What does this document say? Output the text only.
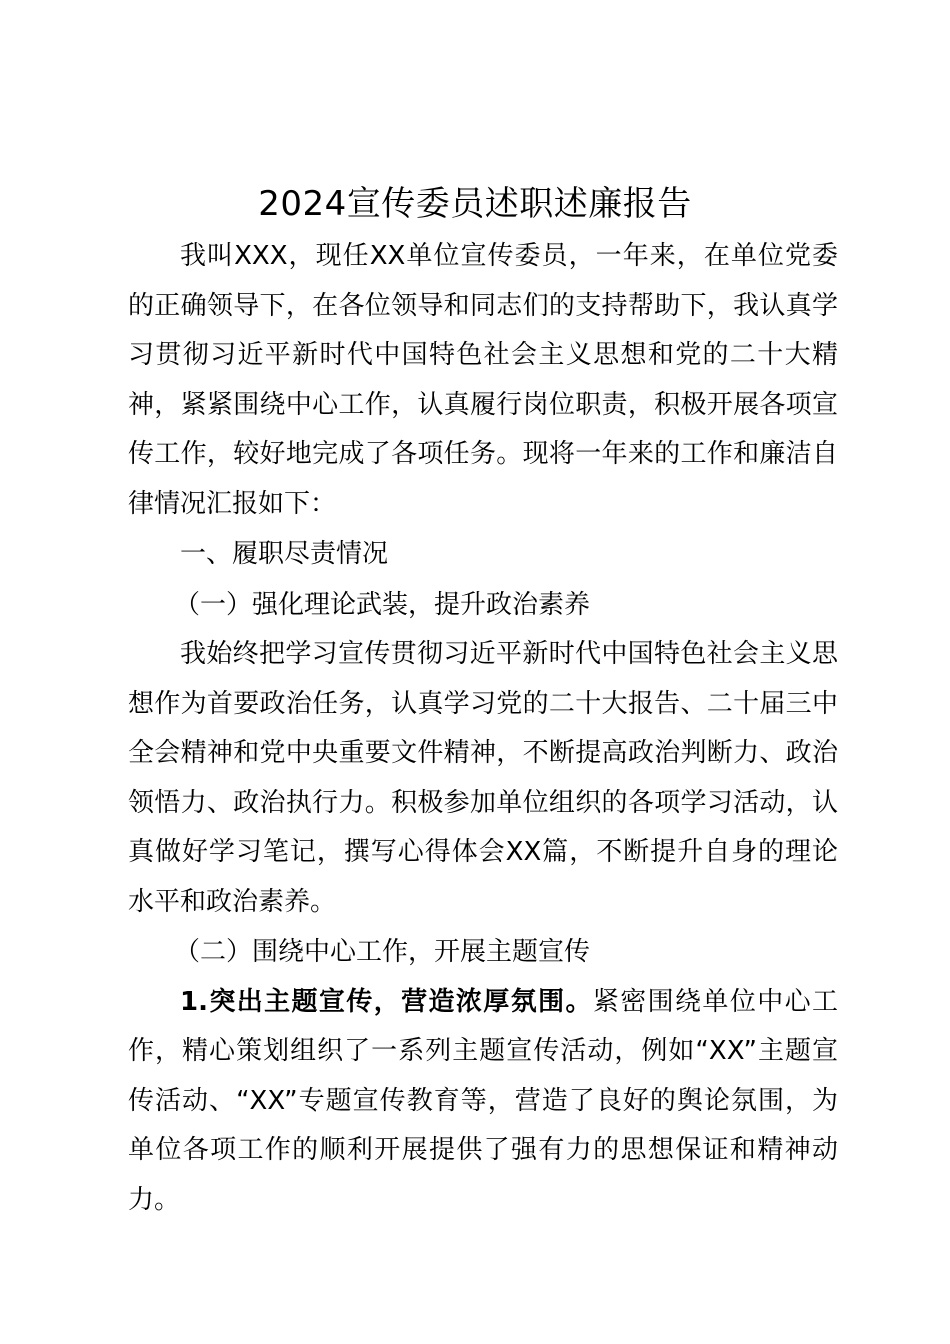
2024宣传委员述职述廉报告

我叫XXX，现任XX单位宣传委员，一年来，在单位党委的正确领导下，在各位领导和同志们的支持帮助下，我认真学习贯彻习近平新时代中国特色社会主义思想和党的二十大精神，紧紧围绕中心工作，认真履行岗位职责，积极开展各项宣传工作，较好地完成了各项任务。现将一年来的工作和廉洁自律情况汇报如下：

一、履职尽责情况

（一）强化理论武装，提升政治素养

我始终把学习宣传贯彻习近平新时代中国特色社会主义思想作为首要政治任务，认真学习党的二十大报告、二十届三中全会精神和党中央重要文件精神，不断提高政治判断力、政治领悟力、政治执行力。积极参加单位组织的各项学习活动，认真做好学习笔记，撰写心得体会XX篇，不断提升自身的理论水平和政治素养。

（二）围绕中心工作，开展主题宣传

1.突出主题宣传，营造浓厚氛围。紧密围绕单位中心工作，精心策划组织了一系列主题宣传活动，例如“XX”主题宣传活动、“XX”专题宣传教育等，营造了良好的舆论氛围，为单位各项工作的顺利开展提供了强有力的思想保证和精神动力。
